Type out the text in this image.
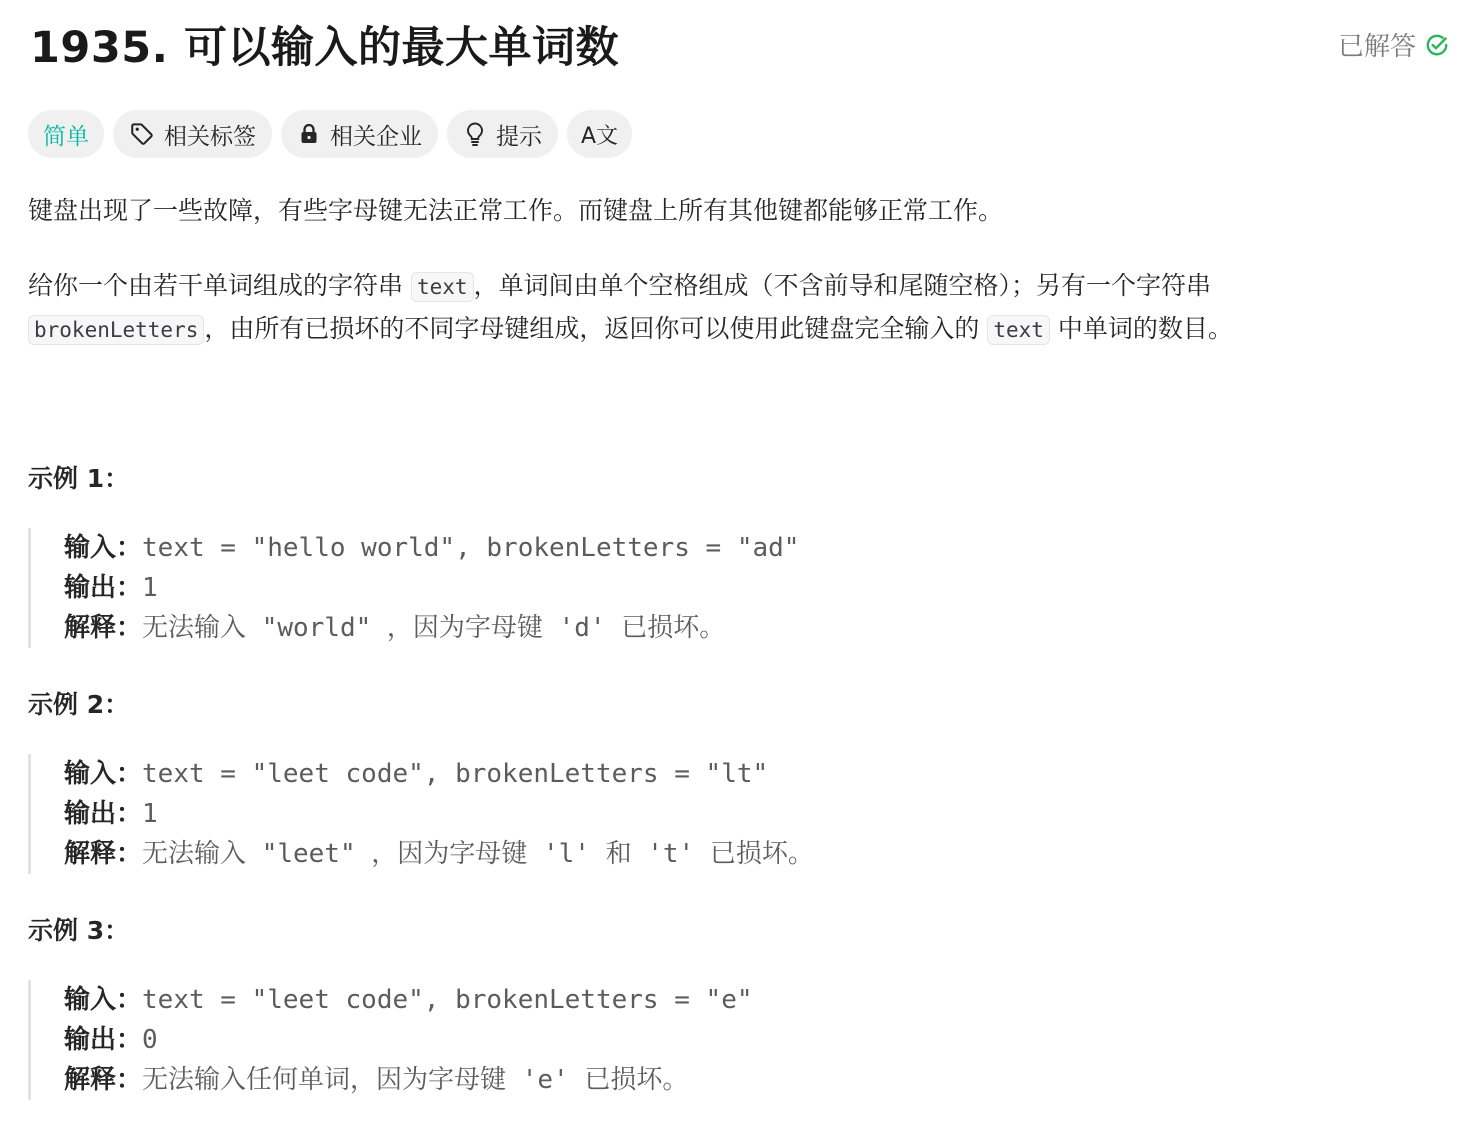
1935. 可以输入的最大单词数	已解答
简单	相关标签	相关企业	提示 A文

键盘出现了一些故障，有些字母键无法正常工作。而键盘上所有其他键都能够正常工作。

给你一个由若干单词组成的字符串 text ，单词间由单个空格组成（不含前导和尾随空格）；另有一个字符串
brokenLetters ，由所有已损坏的不同字母键组成，返回你可以使用此键盘完全输入的 text 中单词的数目。

示例 1：

输入：text = "hello world", brokenLetters = "ad"
输出：1
解释：无法输入 "world" ，因为字母键 'd' 已损坏。

示例 2：

输入：text = "leet code", brokenLetters = "lt"
输出：1
解释：无法输入 "leet" ，因为字母键 'l' 和 't' 已损坏。

示例 3：

输入：text = "leet code", brokenLetters = "e"
输出：0
解释：无法输入任何单词，因为字母键 'e' 已损坏。
